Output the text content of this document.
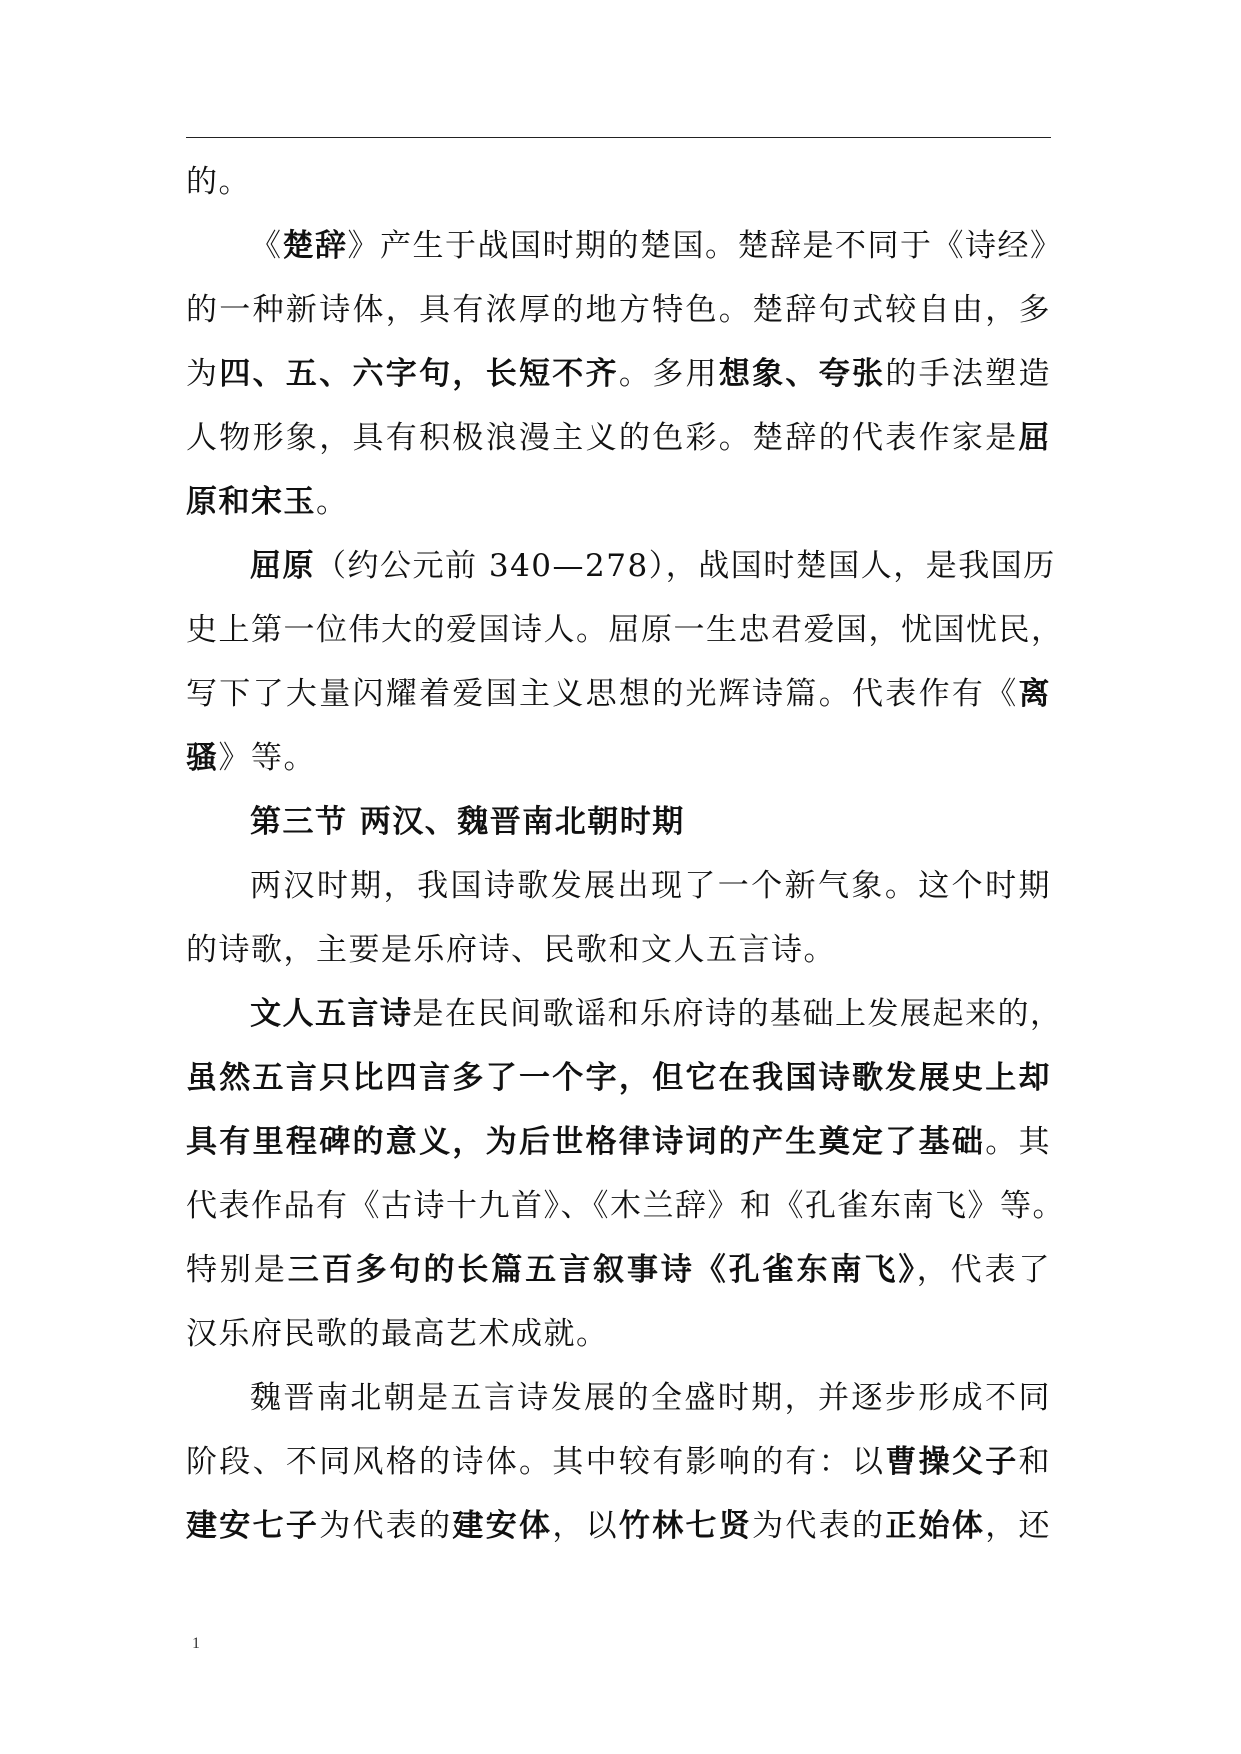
的。
《楚辞》产生于战国时期的楚国。楚辞是不同于《诗经》
的一种新诗体，具有浓厚的地方特色。楚辞句式较自由，多
为四、五、六字句，长短不齐。多用想象、夸张的手法塑造
人物形象，具有积极浪漫主义的色彩。楚辞的代表作家是屈
原和宋玉。
屈原（约公元前 340—278），战国时楚国人，是我国历
史上第一位伟大的爱国诗人。屈原一生忠君爱国，忧国忧民，
写下了大量闪耀着爱国主义思想的光辉诗篇。代表作有《离
骚》等。
第三节 两汉、魏晋南北朝时期
两汉时期，我国诗歌发展出现了一个新气象。这个时期
的诗歌，主要是乐府诗、民歌和文人五言诗。
文人五言诗是在民间歌谣和乐府诗的基础上发展起来的，
虽然五言只比四言多了一个字，但它在我国诗歌发展史上却
具有里程碑的意义，为后世格律诗词的产生奠定了基础。其
代表作品有《古诗十九首》、《木兰辞》和《孔雀东南飞》等。
特别是三百多句的长篇五言叙事诗《孔雀东南飞》，代表了
汉乐府民歌的最高艺术成就。
魏晋南北朝是五言诗发展的全盛时期，并逐步形成不同
阶段、不同风格的诗体。其中较有影响的有：以曹操父子和
建安七子为代表的建安体，以竹林七贤为代表的正始体，还
1
